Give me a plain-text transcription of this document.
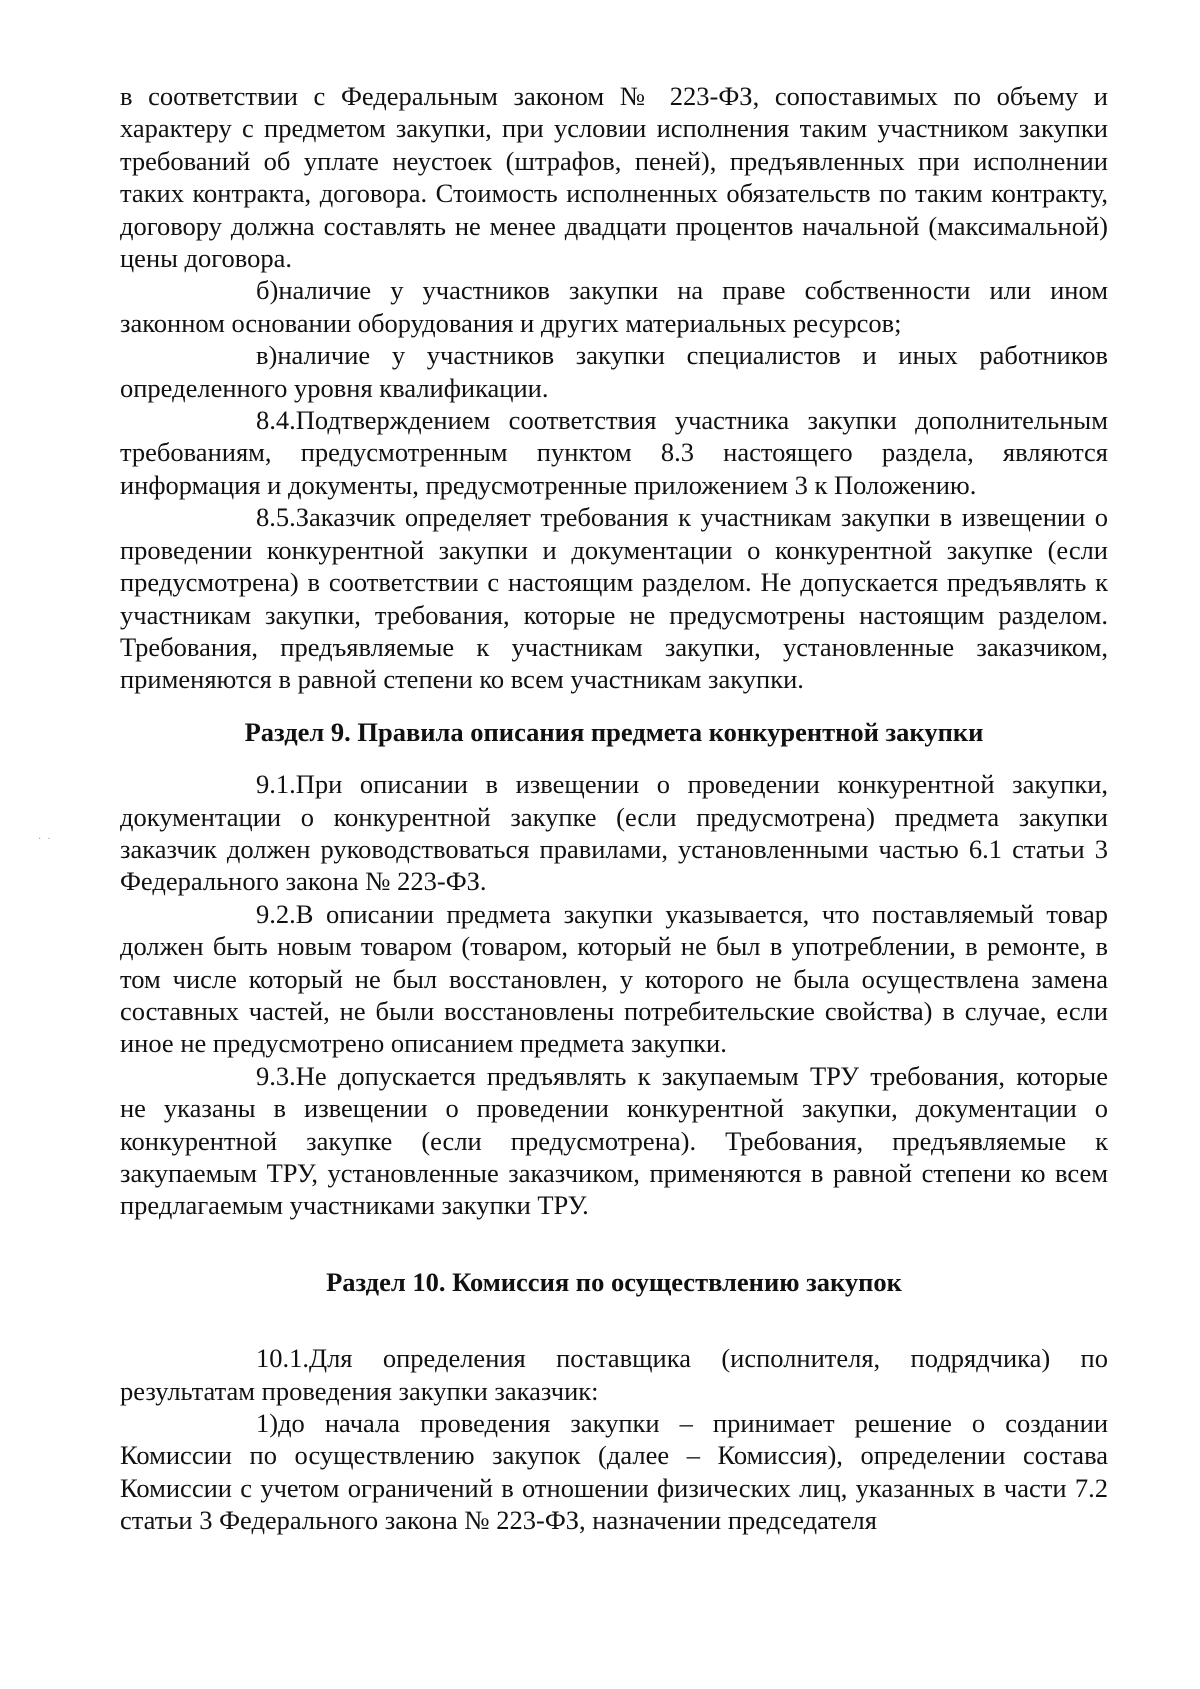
в соответствии с Федеральным законом № 223-ФЗ, сопоставимых по объему и характеру с предметом закупки, при условии исполнения таким участником закупки требований об уплате неустоек (штрафов, пеней), предъявленных при исполнении таких контракта, договора. Стоимость исполненных обязательств по таким контракту, договору должна составлять не менее двадцати процентов начальной (максимальной) цены договора.

б)наличие у участников закупки на праве собственности или ином законном основании оборудования и других материальных ресурсов;

в)наличие у участников закупки специалистов и иных работников определенного уровня квалификации.

8.4.Подтверждением соответствия участника закупки дополнительным требованиям, предусмотренным пунктом 8.3 настоящего раздела, являются информация и документы, предусмотренные приложением 3 к Положению.

8.5.Заказчик определяет требования к участникам закупки в извещении о проведении конкурентной закупки и документации о конкурентной закупке (если предусмотрена) в соответствии с настоящим разделом. Не допускается предъявлять к участникам закупки, требования, которые не предусмотрены настоящим разделом. Требования, предъявляемые к участникам закупки, установленные заказчиком, применяются в равной степени ко всем участникам закупки.

Раздел 9. Правила описания предмета конкурентной закупки

9.1.При описании в извещении о проведении конкурентной закупки, документации о конкурентной закупке (если предусмотрена) предмета закупки заказчик должен руководствоваться правилами, установленными частью 6.1 статьи 3 Федерального закона № 223-ФЗ.

9.2.В описании предмета закупки указывается, что поставляемый товар должен быть новым товаром (товаром, который не был в употреблении, в ремонте, в том числе который не был восстановлен, у которого не была осуществлена замена составных частей, не были восстановлены потребительские свойства) в случае, если иное не предусмотрено описанием предмета закупки.

9.3.Не допускается предъявлять к закупаемым ТРУ требования, которые не указаны в извещении о проведении конкурентной закупки, документации о конкурентной закупке (если предусмотрена). Требования, предъявляемые к закупаемым ТРУ, установленные заказчиком, применяются в равной степени ко всем предлагаемым участниками закупки ТРУ.

Раздел 10. Комиссия по осуществлению закупок

10.1.Для определения поставщика (исполнителя, подрядчика) по результатам проведения закупки заказчик:

1)до начала проведения закупки – принимает решение о создании Комиссии по осуществлению закупок (далее – Комиссия), определении состава Комиссии с учетом ограничений в отношении физических лиц, указанных в части 7.2 статьи 3 Федерального закона № 223-ФЗ, назначении председателя

··
